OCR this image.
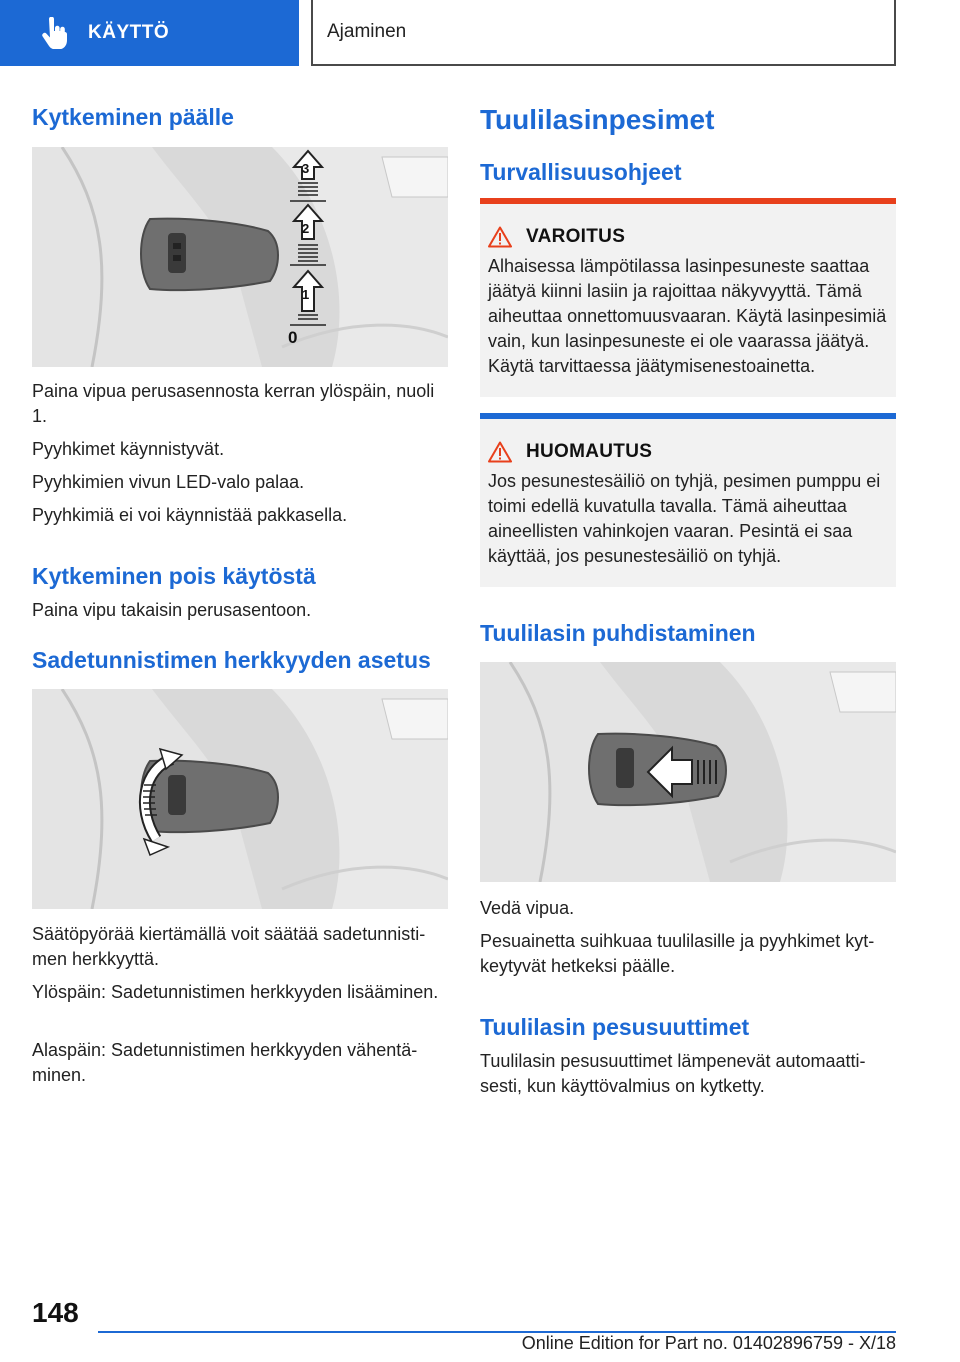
KÄYTTÖ	Ajaminen
Kytkeminen päälle
3
2
1
0

Paina vipua perusasennosta kerran ylöspäin, nuoli 1.

Pyyhkimet käynnistyvät.

Pyyhkimien vivun LED-valo palaa.

Pyyhkimiä ei voi käynnistää pakkasella.

Kytkeminen pois käytöstä

Paina vipu takaisin perusasentoon.

Sadetunnistimen herkkyyden asetus

Säätöpyörää kiertämällä voit säätää sadetunnistimen herkkyyttä.

Ylöspäin: Sadetunnistimen herkkyyden lisääminen.

Alaspäin: Sadetunnistimen herkkyyden vähentäminen.

Tuulilasinpesimet
Turvallisuusohjeet
VAROITUS
Alhaisessa lämpötilassa lasinpesuneste saattaa jäätyä kiinni lasiin ja rajoittaa näkyvyyttä. Tämä aiheuttaa onnettomuusvaaran. Käytä lasinpesimiä vain, kun lasinpesuneste ei ole vaarassa jäätyä. Käytä tarvittaessa jäätymisenestoainetta.
HUOMAUTUS
Jos pesunestesäiliö on tyhjä, pesimen pumppu ei toimi edellä kuvatulla tavalla. Tämä aiheuttaa aineellisten vahinkojen vaaran. Pesintä ei saa käyttää, jos pesunestesäiliö on tyhjä.
Tuulilasin puhdistaminen

Vedä vipua.

Pesuainetta suihkuaa tuulilasille ja pyyhkimet kytkeytyvät hetkeksi päälle.

Tuulilasin pesusuuttimet

Tuulilasin pesusuuttimet lämpenevät automaattisesti, kun käyttövalmius on kytketty.

148
Online Edition for Part no. 01402896759 - X/18
